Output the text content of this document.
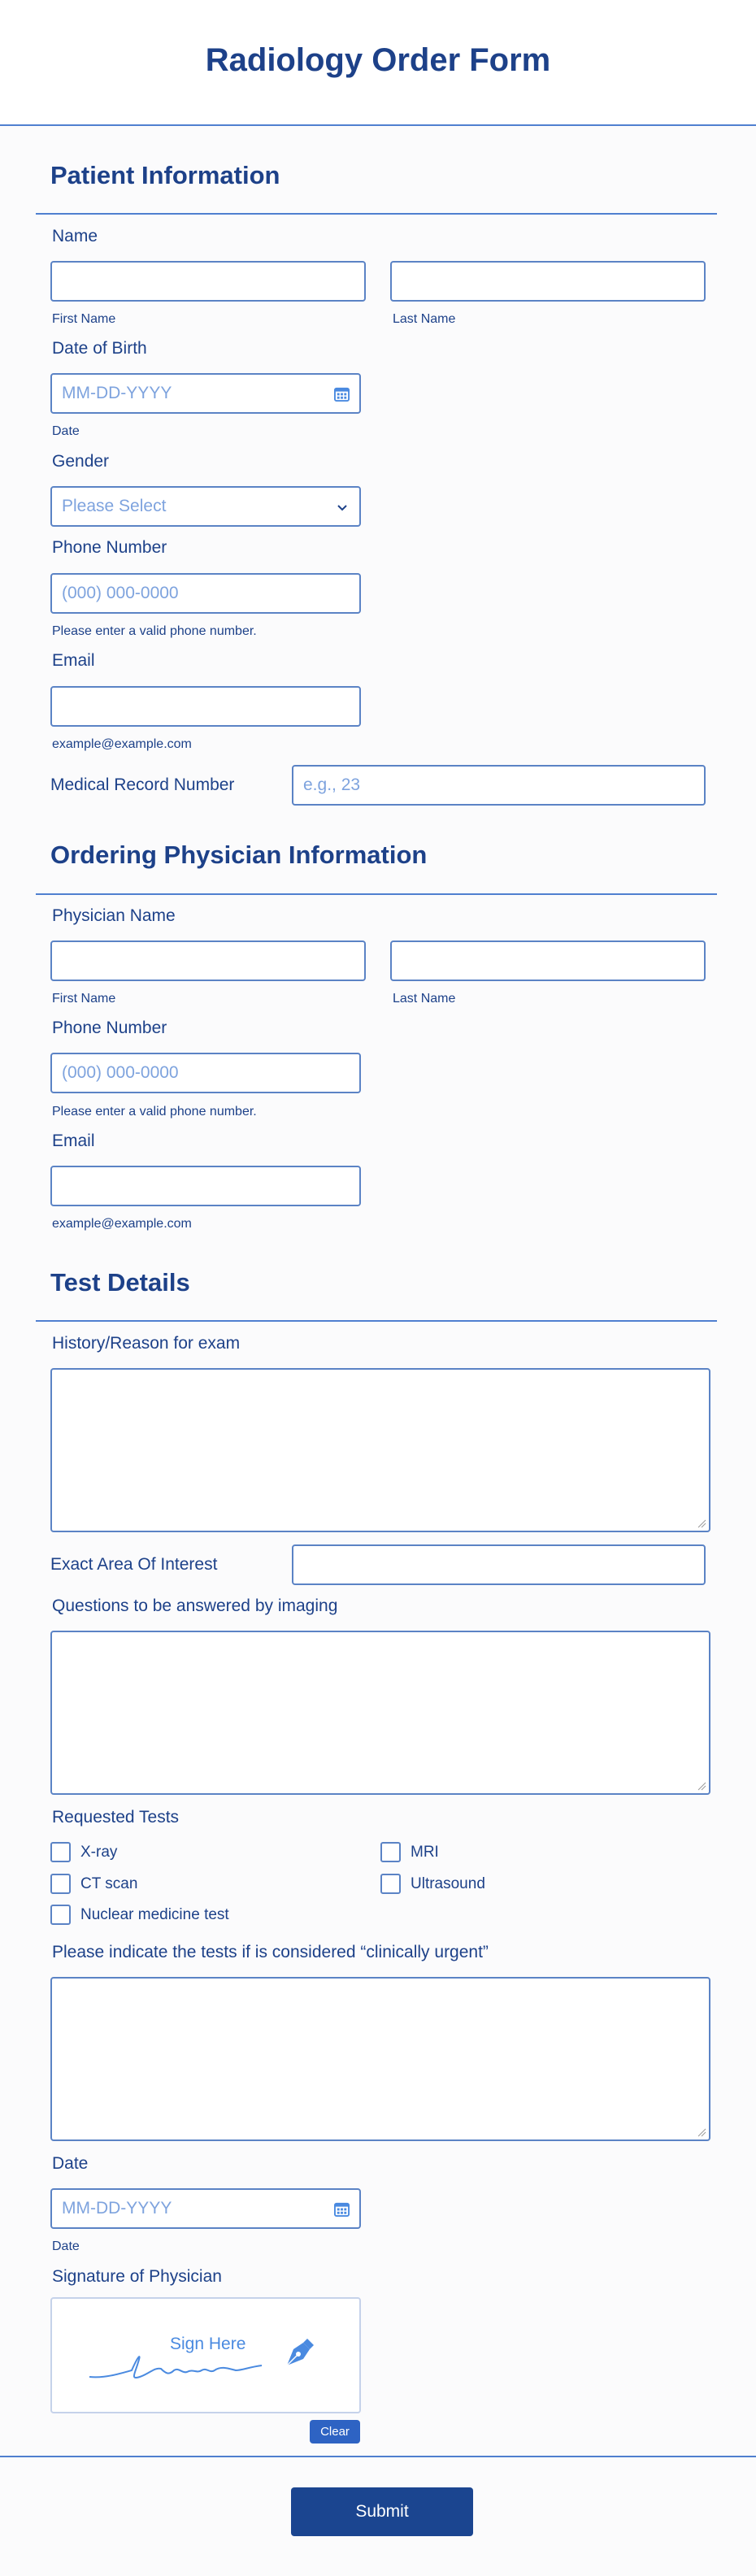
Radiology Order Form
Patient Information
Name
First Name	Last Name
Date of Birth
MM-DD-YYYY
Date
Gender
Please Select
Phone Number
(000) 000-0000
Please enter a valid phone number.
Email
example@example.com
Medical Record Number	e.g., 23
Ordering Physician Information
Physician Name
First Name	Last Name
Phone Number
(000) 000-0000
Please enter a valid phone number.
Email
example@example.com
Test Details
History/Reason for exam
Exact Area Of Interest
Questions to be answered by imaging
Requested Tests
X-ray	MRI
CT scan	Ultrasound
Nuclear medicine test
Please indicate the tests if is considered “clinically urgent”
Date
MM-DD-YYYY
Date
Signature of Physician
Sign Here
Clear
Submit
